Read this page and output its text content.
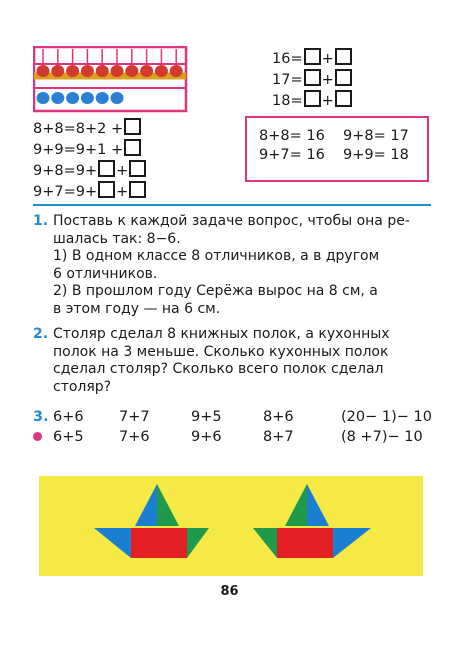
16= +
17= +
18= +
8+8=8+2 +
9+9=9+1 +
9+8=9+ +
9+7=9+ +
8+8= 16 9+8= 17
9+7= 16 9+9= 18
1. Поставь к каждой задаче вопрос, чтобы она ре-
шалась так: 8−6.
1) В одном классе 8 отличников, а в другом
6 отличников.
2) В прошлом году Серёжа вырос на 8 см, а
в этом году — на 6 см.
2. Столяр сделал 8 книжных полок, а кухонных
полок на 3 меньше. Сколько кухонных полок
сделал столяр? Сколько всего полок сделал
столяр?
3. 6+6 7+7	9+5	8+6	(20− 1)− 10
6+5 7+6	9+6	8+7	(8 +7)− 10
86
